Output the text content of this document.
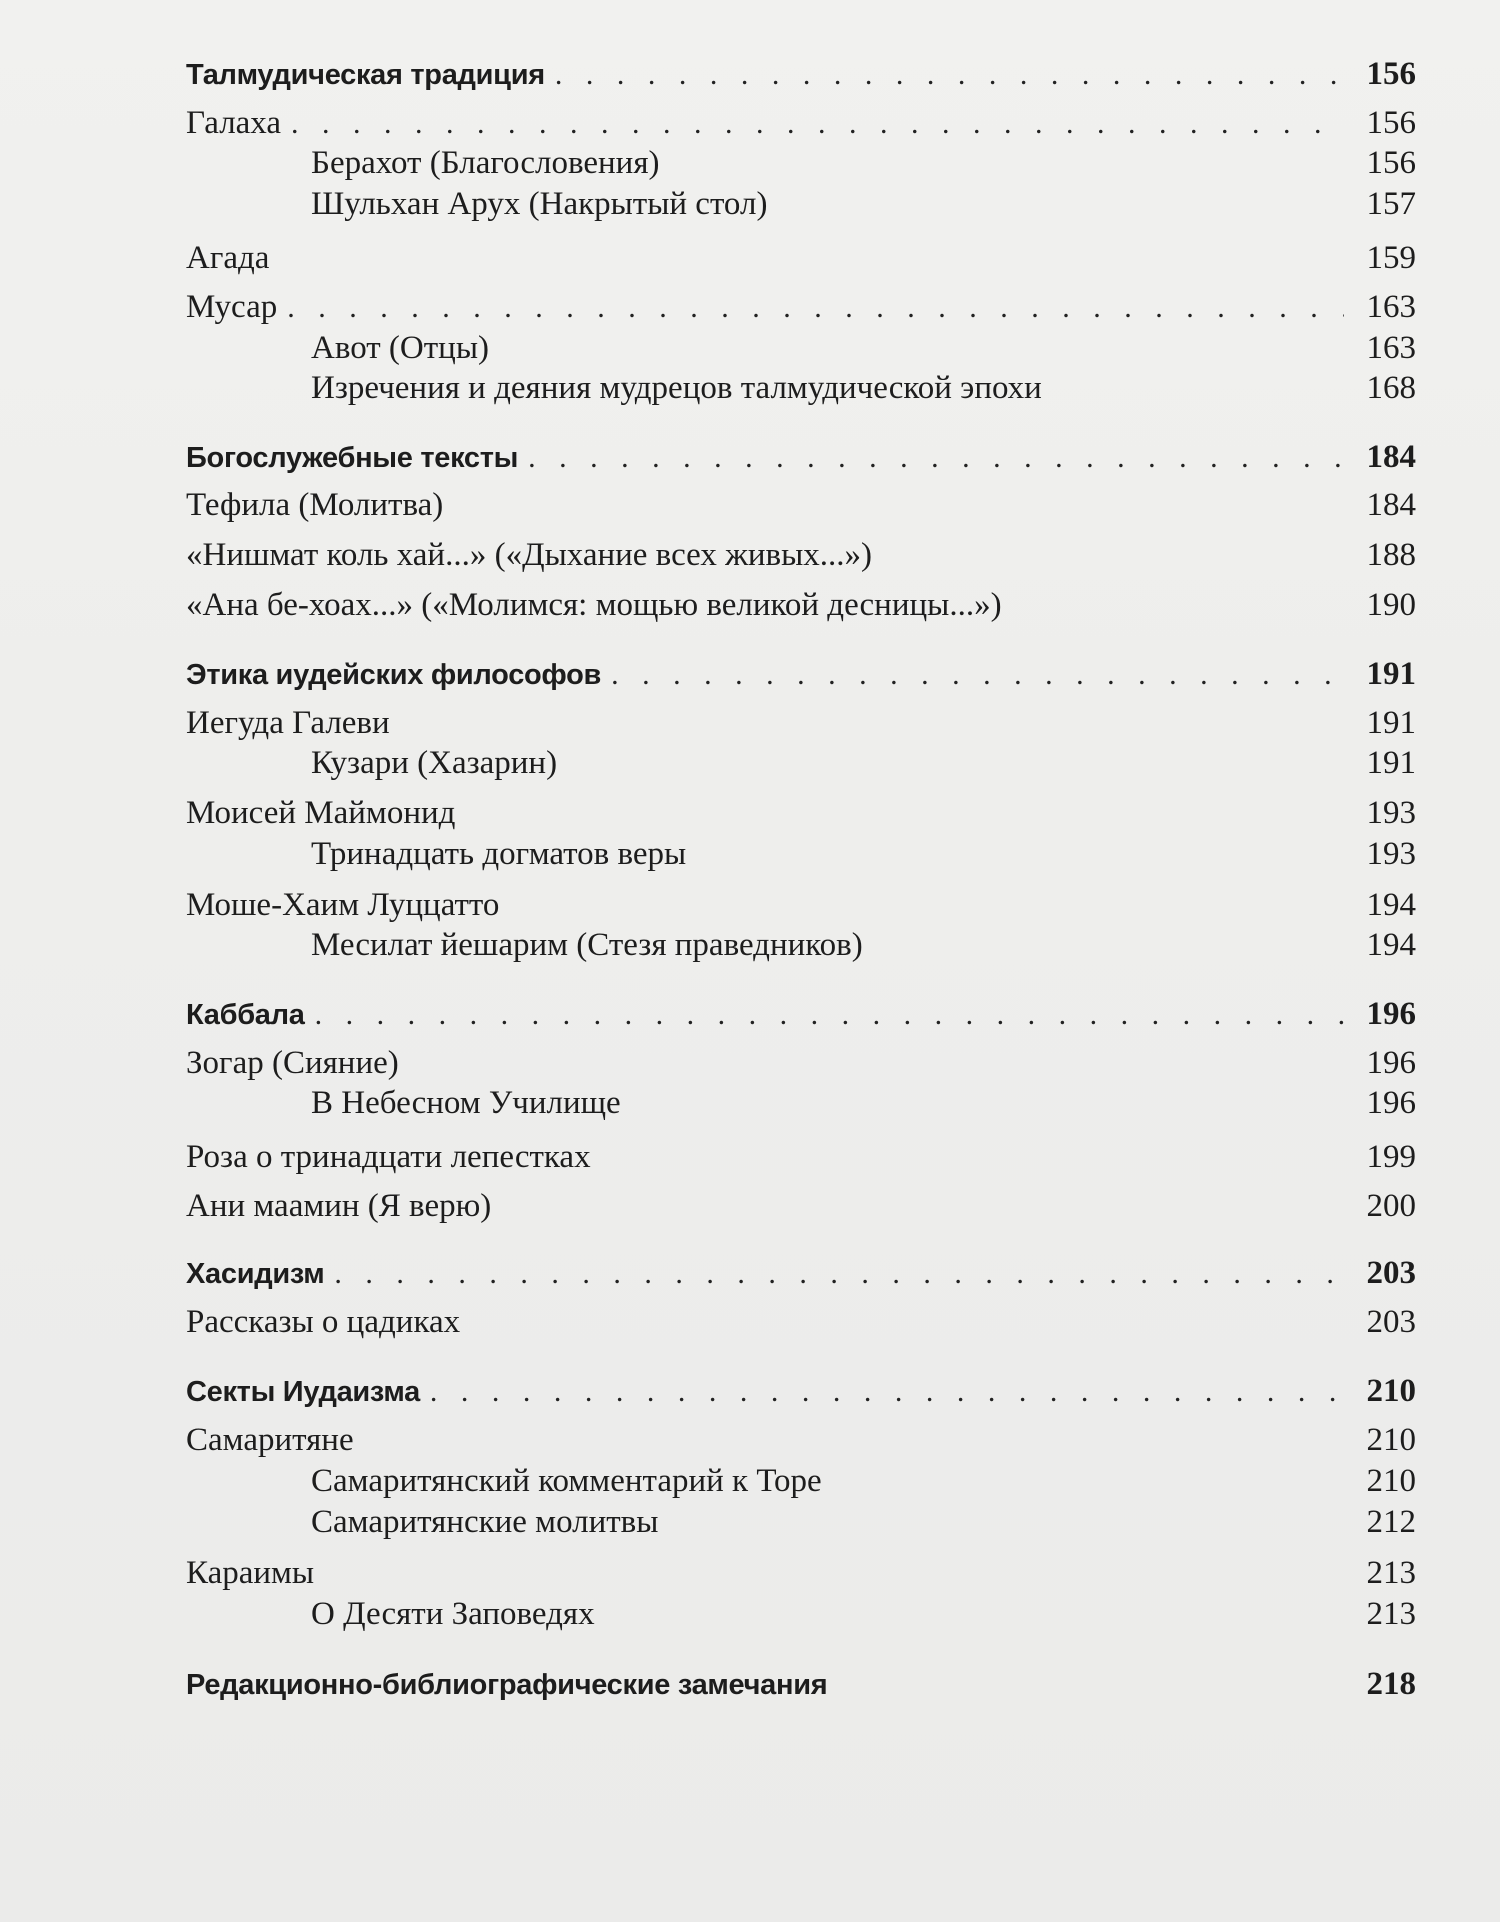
Талмудическая традиция . . .	156
Галаха . . .	156
Берахот (Благословения)	156
Шульхан Арух (Накрытый стол)	157
Агада	159
Мусар . . .	163
Авот (Отцы)	163
Изречения и деяния мудрецов талмудической эпохи	168
Богослужебные тексты . . .	184
Тефила (Молитва)	184
«Нишмат коль хай...» («Дыхание всех живых...»)	188
«Ана бе-хоах...» («Молимся: мощью великой десницы...»)	190
Этика иудейских философов . . .	191
Иегуда Галеви	191
Кузари (Хазарин)	191
Моисей Маймонид	193
Тринадцать догматов веры	193
Моше-Хаим Луццатто	194
Месилат йешарим (Стезя праведников)	194
Каббала . . .	196
Зогар (Сияние)	196
В Небесном Училище	196
Роза о тринадцати лепестках	199
Ани маамин (Я верю)	200
Хасидизм . . .	203
Рассказы о цадиках	203
Секты Иудаизма . . .	210
Самаритяне	210
Самаритянский комментарий к Торе	210
Самаритянские молитвы	212
Караимы	213
О Десяти Заповедях	213
Редакционно-библиографические замечания	218
